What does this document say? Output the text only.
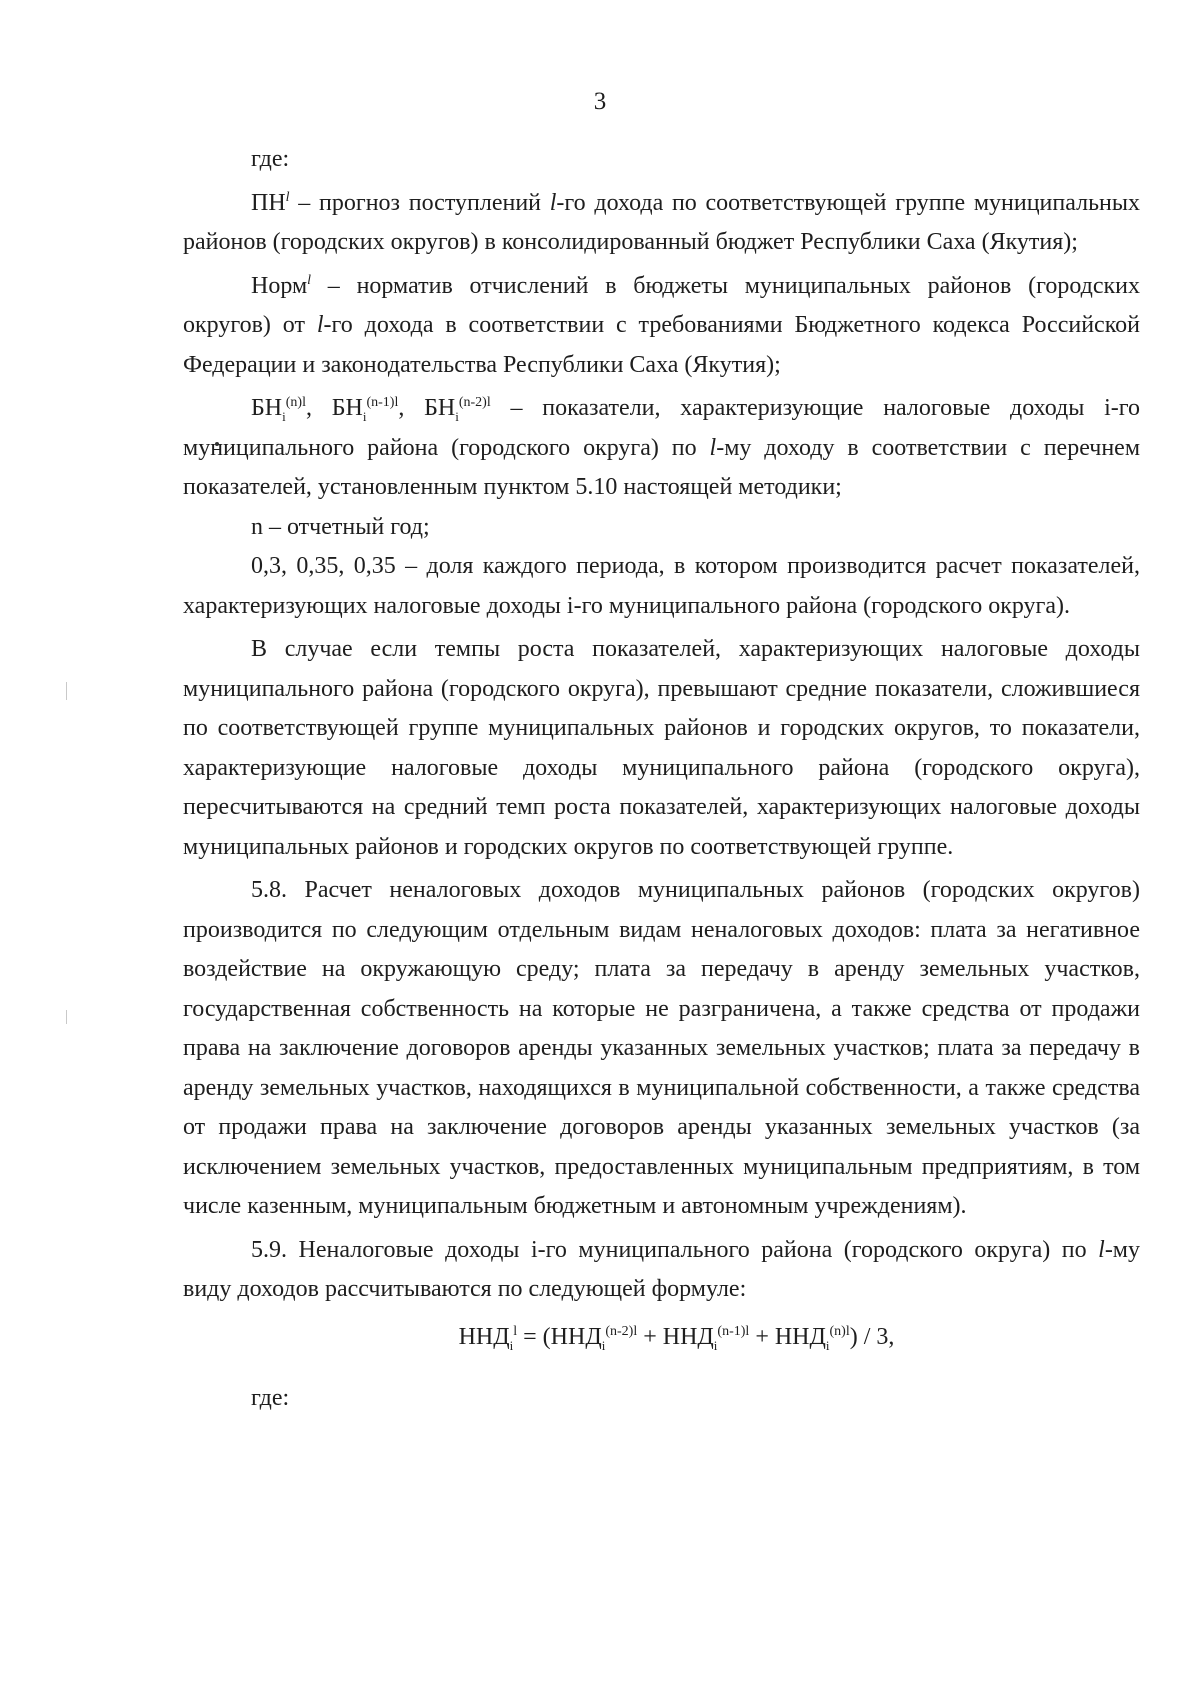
3

где:

$ПН^l$ – прогноз поступлений l-го дохода по соответствующей группе муниципальных районов (городских округов) в консолидированный бюджет Республики Саха (Якутия);

Норм$^l$ – норматив отчислений в бюджеты муниципальных районов (городских округов) от l-го дохода в соответствии с требованиями Бюджетного кодекса Российской Федерации и законодательства Республики Саха (Якутия);

$БН_i^{(n)l}$, $БН_i^{(n-1)l}$, $БН_i^{(n-2)l}$ – показатели, характеризующие налоговые доходы i-го муниципального района (городского округа) по l-му доходу в соответствии с перечнем показателей, установленным пунктом 5.10 настоящей методики;

n – отчетный год;

0,3, 0,35, 0,35 – доля каждого периода, в котором производится расчет показателей, характеризующих налоговые доходы i-го муниципального района (городского округа).

В случае если темпы роста показателей, характеризующих налоговые доходы муниципального района (городского округа), превышают средние показатели, сложившиеся по соответствующей группе муниципальных районов и городских округов, то показатели, характеризующие налоговые доходы муниципального района (городского округа), пересчитываются на средний темп роста показателей, характеризующих налоговые доходы муниципальных районов и городских округов по соответствующей группе.

5.8. Расчет неналоговых доходов муниципальных районов (городских округов) производится по следующим отдельным видам неналоговых доходов: плата за негативное воздействие на окружающую среду; плата за передачу в аренду земельных участков, государственная собственность на которые не разграничена, а также средства от продажи права на заключение договоров аренды указанных земельных участков; плата за передачу в аренду земельных участков, находящихся в муниципальной собственности, а также средства от продажи права на заключение договоров аренды указанных земельных участков (за исключением земельных участков, предоставленных муниципальным предприятиям, в том числе казенным, муниципальным бюджетным и автономным учреждениям).

5.9. Неналоговые доходы i-го муниципального района (городского округа) по l-му виду доходов рассчитываются по следующей формуле:

$ННД_i^l = (ННД_i^{(n-2)l} + ННД_i^{(n-1)l} + ННД_i^{(n)l}) / 3$,

где:
